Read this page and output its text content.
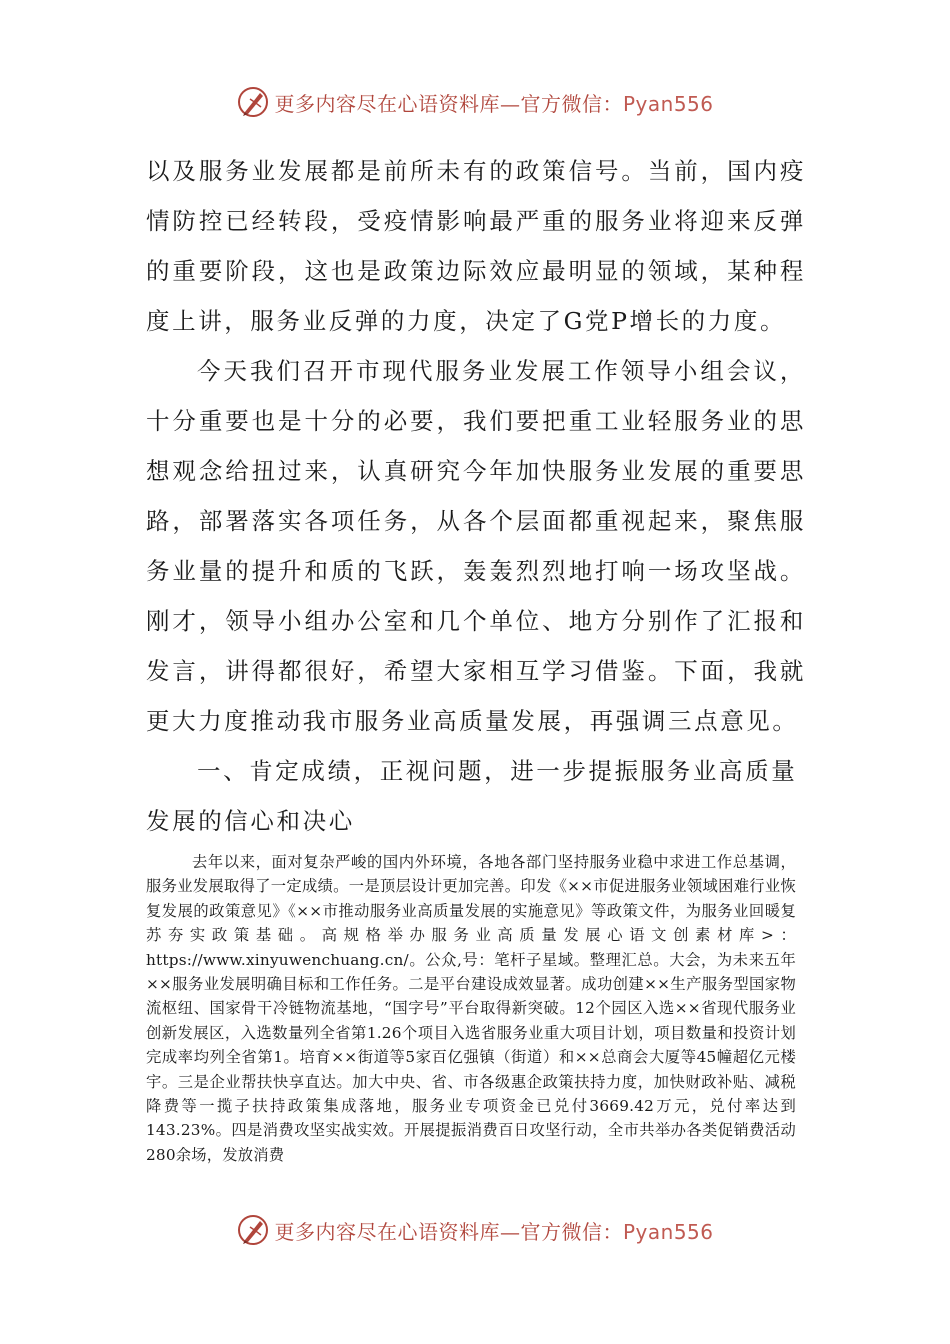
更多内容尽在心语资料库—官方微信：Pyan556

以及服务业发展都是前所未有的政策信号。当前，国内疫情防控已经转段，受疫情影响最严重的服务业将迎来反弹的重要阶段，这也是政策边际效应最明显的领域，某种程度上讲，服务业反弹的力度，决定了G党P增长的力度。

今天我们召开市现代服务业发展工作领导小组会议，十分重要也是十分的必要，我们要把重工业轻服务业的思想观念给扭过来，认真研究今年加快服务业发展的重要思路，部署落实各项任务，从各个层面都重视起来，聚焦服务业量的提升和质的飞跃，轰轰烈烈地打响一场攻坚战。刚才，领导小组办公室和几个单位、地方分别作了汇报和发言，讲得都很好，希望大家相互学习借鉴。下面，我就更大力度推动我市服务业高质量发展，再强调三点意见。

一、肯定成绩，正视问题，进一步提振服务业高质量发展的信心和决心

去年以来，面对复杂严峻的国内外环境，各地各部门坚持服务业稳中求进工作总基调，服务业发展取得了一定成绩。一是顶层设计更加完善。印发《××市促进服务业领域困难行业恢复发展的政策意见》《××市推动服务业高质量发展的实施意见》等政策文件，为服务业回暖复苏夯实政策基础。高规格举办服务业高质量发展心语文创素材库>：https://www.xinyuwenchuang.cn/。公众,号：笔杆子星域。整理汇总。大会，为未来五年××服务业发展明确目标和工作任务。二是平台建设成效显著。成功创建××生产服务型国家物流枢纽、国家骨干冷链物流基地，“国字号”平台取得新突破。12个园区入选××省现代服务业创新发展区，入选数量列全省第1.26个项目入选省服务业重大项目计划，项目数量和投资计划完成率均列全省第1。培育××街道等5家百亿强镇（街道）和××总商会大厦等45幢超亿元楼宇。三是企业帮扶快享直达。加大中央、省、市各级惠企政策扶持力度，加快财政补贴、减税降费等一揽子扶持政策集成落地，服务业专项资金已兑付3669.42万元，兑付率达到143.23%。四是消费攻坚实战实效。开展提振消费百日攻坚行动，全市共举办各类促销费活动280余场，发放消费

更多内容尽在心语资料库—官方微信：Pyan556
